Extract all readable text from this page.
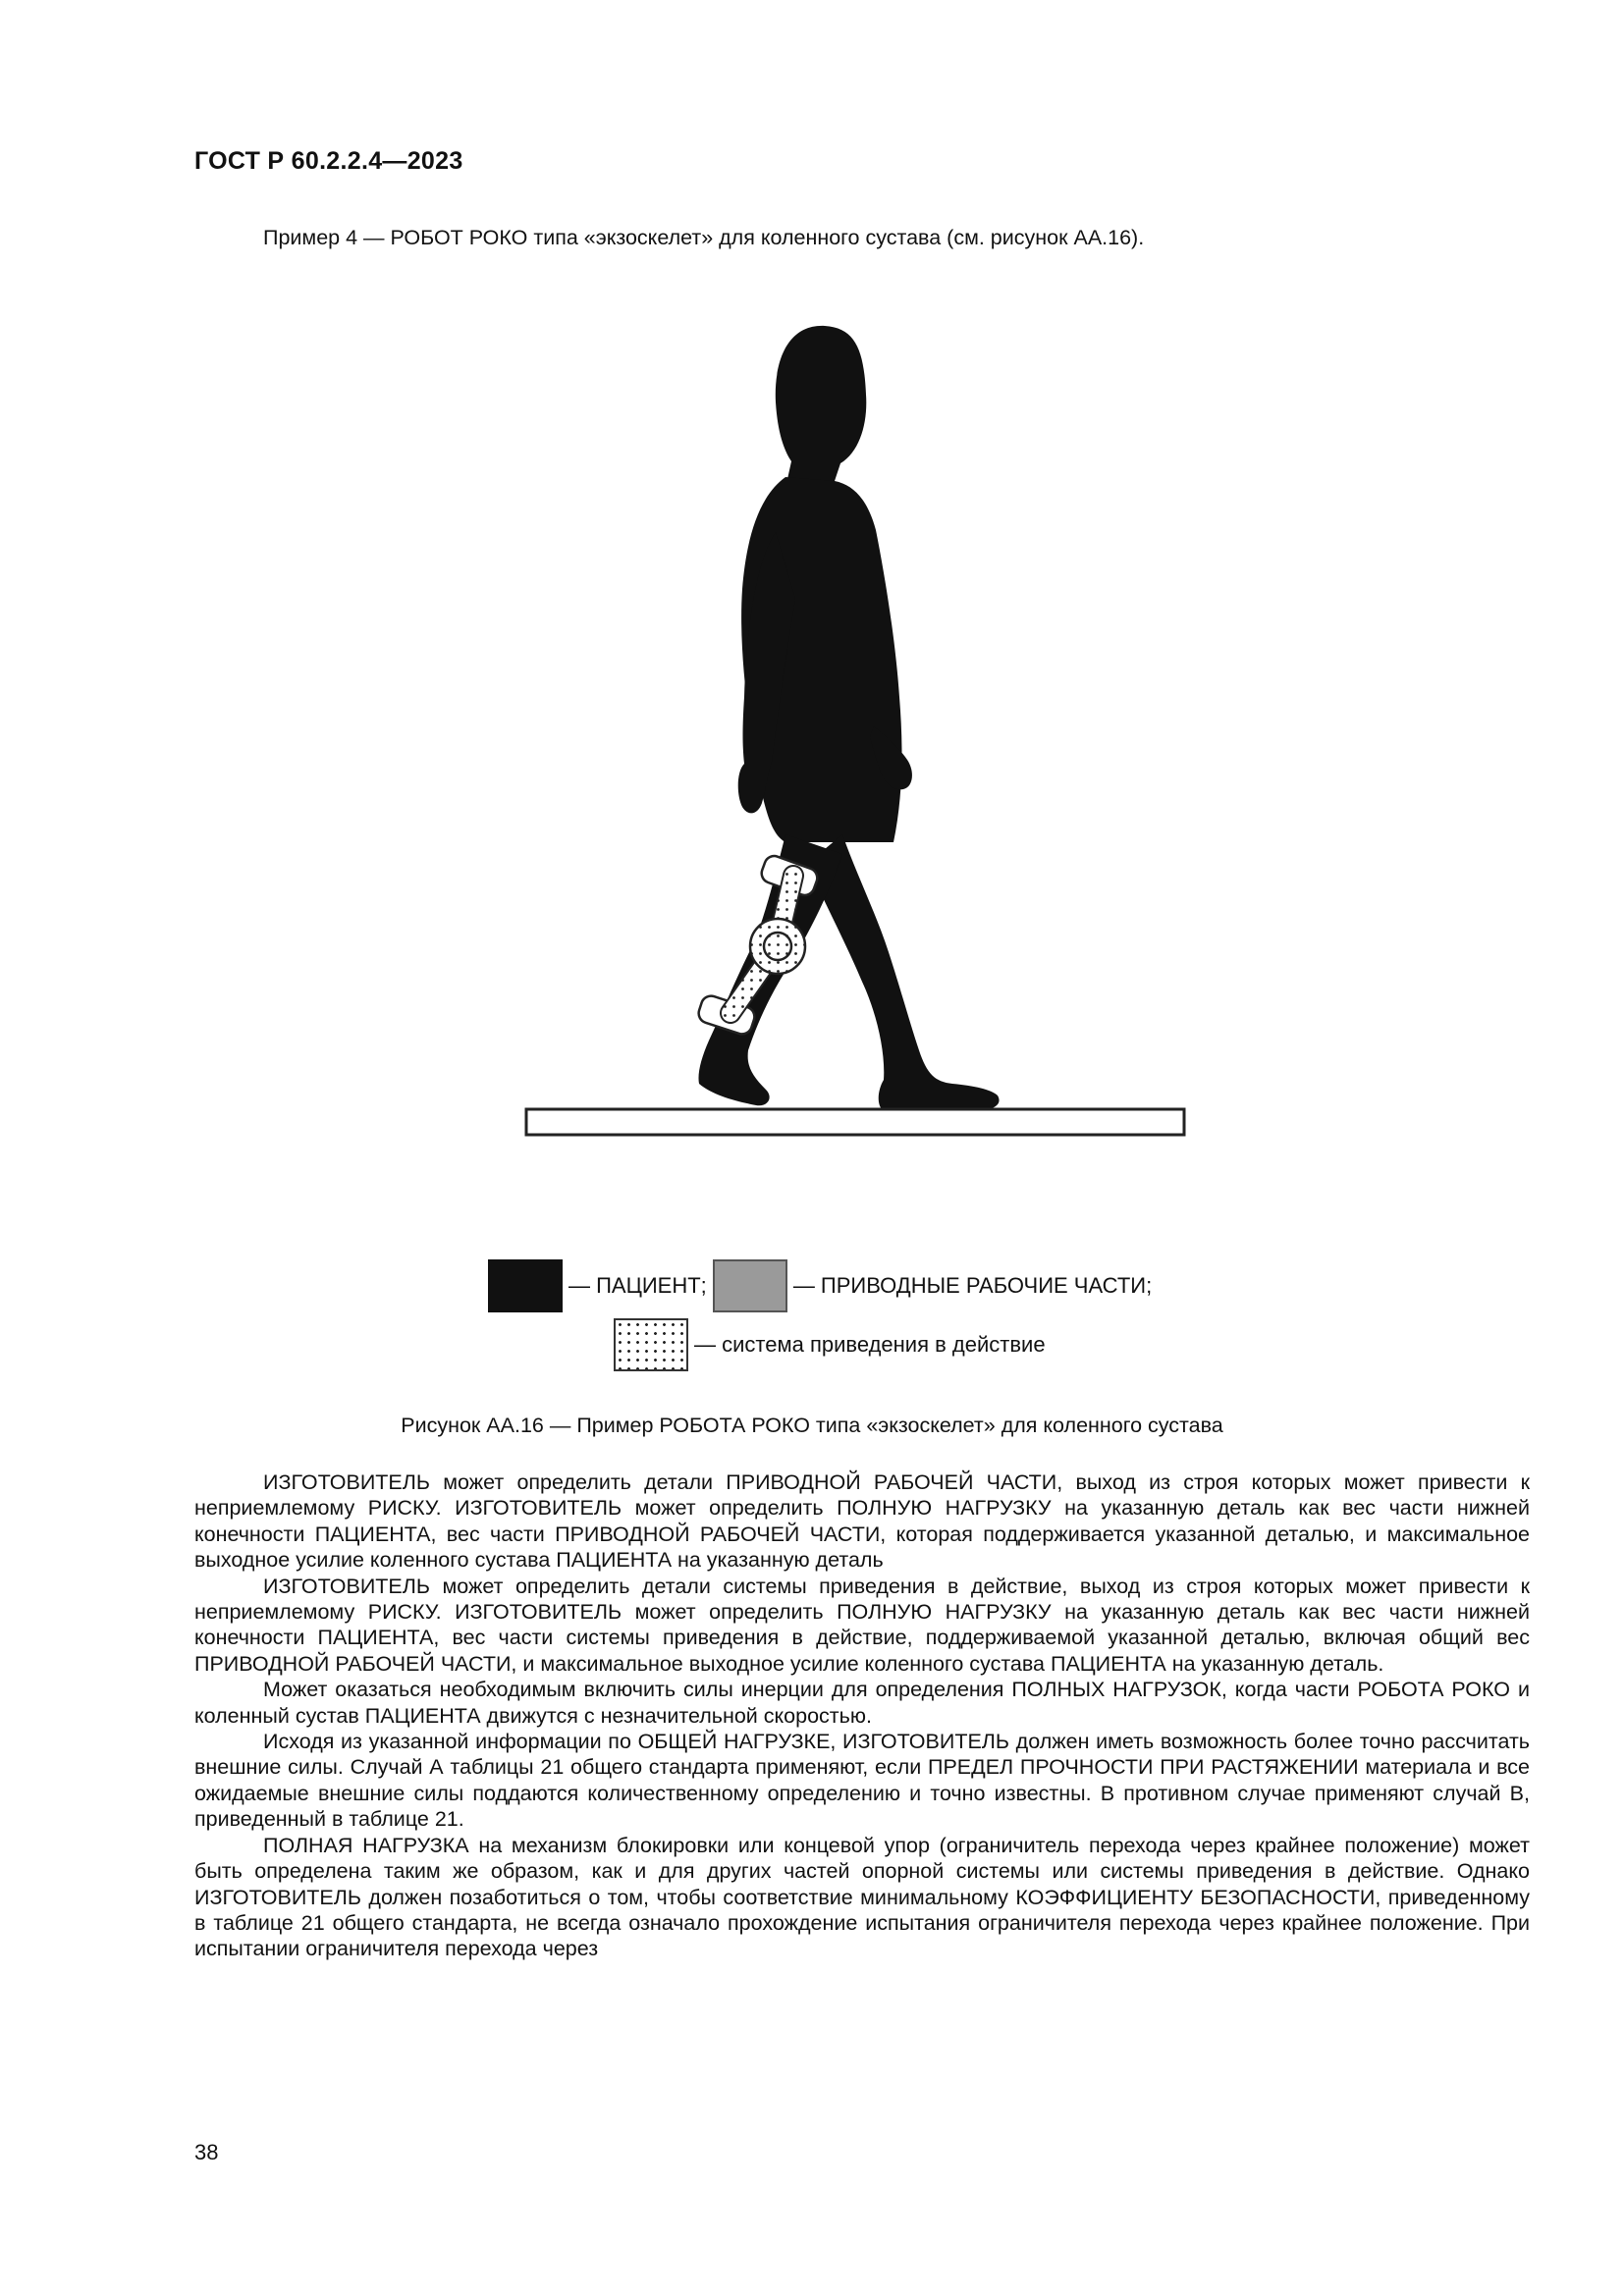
ГОСТ Р 60.2.2.4—2023
Пример 4 — РОБОТ РОКО типа «экзоскелет» для коленного сустава (см. рисунок АА.16).
— ПАЦИЕНТ;	— ПРИВОДНЫЕ РАБОЧИЕ ЧАСТИ;
— система приведения в действие
Рисунок АА.16 — Пример РОБОТА РОКО типа «экзоскелет» для коленного сустава

ИЗГОТОВИТЕЛЬ может определить детали ПРИВОДНОЙ РАБОЧЕЙ ЧАСТИ, выход из строя которых может привести к неприемлемому РИСКУ. ИЗГОТОВИТЕЛЬ может определить ПОЛНУЮ НАГРУЗКУ на указанную деталь как вес части нижней конечности ПАЦИЕНТА, вес части ПРИВОДНОЙ РАБОЧЕЙ ЧАСТИ, которая поддерживается указанной деталью, и максимальное выходное усилие коленного сустава ПАЦИЕНТА на указанную деталь

ИЗГОТОВИТЕЛЬ может определить детали системы приведения в действие, выход из строя которых может привести к неприемлемому РИСКУ. ИЗГОТОВИТЕЛЬ может определить ПОЛНУЮ НАГРУЗКУ на указанную деталь как вес части нижней конечности ПАЦИЕНТА, вес части системы приведения в действие, поддерживаемой указанной деталью, включая общий вес ПРИВОДНОЙ РАБОЧЕЙ ЧАСТИ, и максимальное выходное усилие коленного сустава ПАЦИЕНТА на указанную деталь.

Может оказаться необходимым включить силы инерции для определения ПОЛНЫХ НАГРУЗОК, когда части РОБОТА РОКО и коленный сустав ПАЦИЕНТА движутся с незначительной скоростью.

Исходя из указанной информации по ОБЩЕЙ НАГРУЗКЕ, ИЗГОТОВИТЕЛЬ должен иметь возможность более точно рассчитать внешние силы. Случай А таблицы 21 общего стандарта применяют, если ПРЕДЕЛ ПРОЧНОСТИ ПРИ РАСТЯЖЕНИИ материала и все ожидаемые внешние силы поддаются количественному определению и точно известны. В противном случае применяют случай В, приведенный в таблице 21.

ПОЛНАЯ НАГРУЗКА на механизм блокировки или концевой упор (ограничитель перехода через крайнее положение) может быть определена таким же образом, как и для других частей опорной системы или системы приведения в действие. Однако ИЗГОТОВИТЕЛЬ должен позаботиться о том, чтобы соответствие минимальному КОЭФФИЦИЕНТУ БЕЗОПАСНОСТИ, приведенному в таблице 21 общего стандарта, не всегда означало прохождение испытания ограничителя перехода через крайнее положение. При испытании ограничителя перехода через

38
